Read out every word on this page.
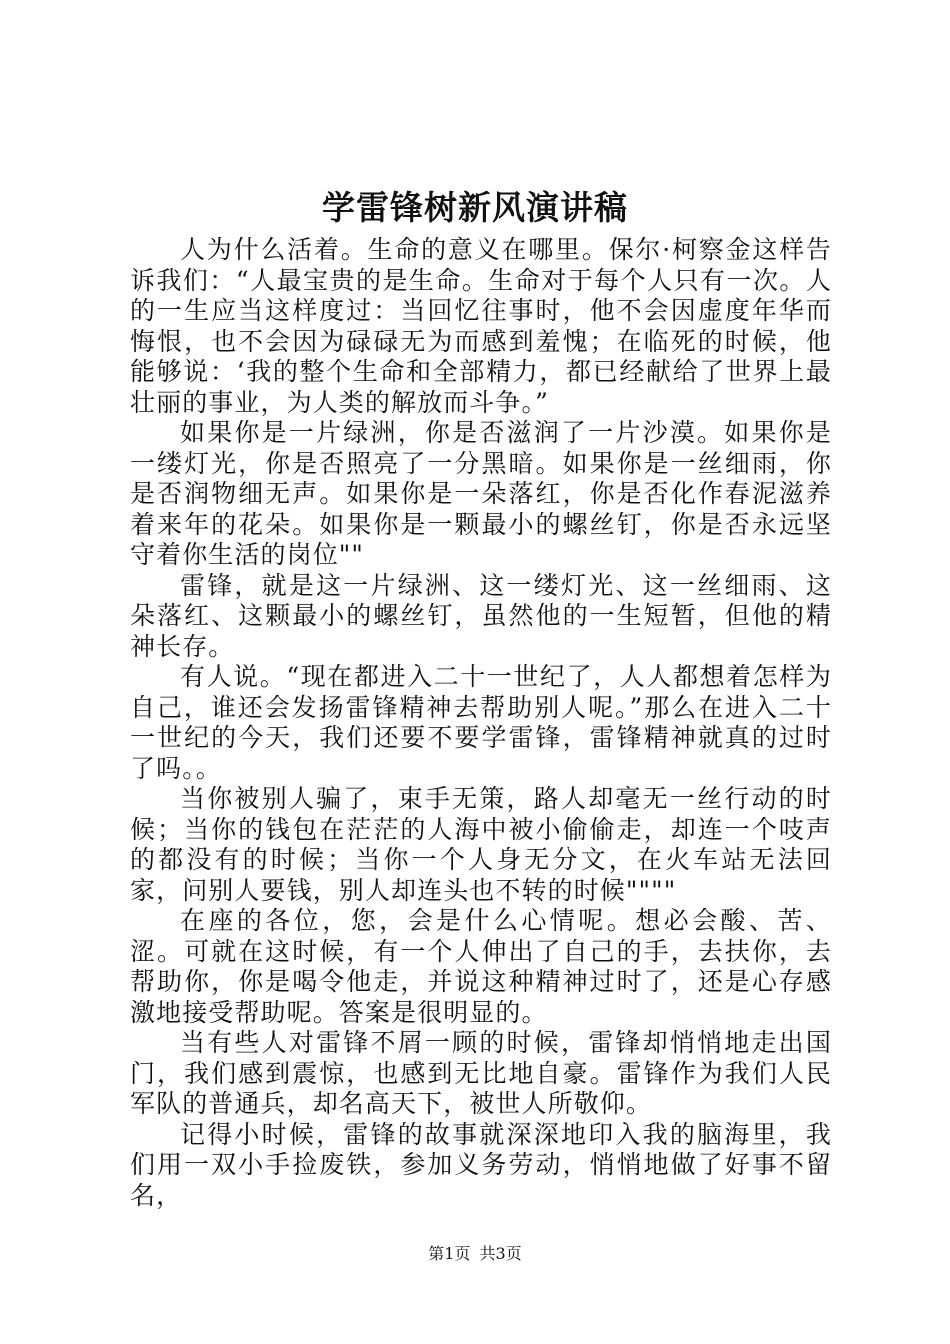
学雷锋树新风演讲稿

人为什么活着。生命的意义在哪里。保尔·柯察金这样告诉我们：“人最宝贵的是生命。生命对于每个人只有一次。人的一生应当这样度过：当回忆往事时，他不会因虚度年华而悔恨，也不会因为碌碌无为而感到羞愧；在临死的时候，他能够说：‘我的整个生命和全部精力，都已经献给了世界上最壮丽的事业，为人类的解放而斗争。”

如果你是一片绿洲，你是否滋润了一片沙漠。如果你是一缕灯光，你是否照亮了一分黑暗。如果你是一丝细雨，你是否润物细无声。如果你是一朵落红，你是否化作春泥滋养着来年的花朵。如果你是一颗最小的螺丝钉，你是否永远坚守着你生活的岗位""

雷锋，就是这一片绿洲、这一缕灯光、这一丝细雨、这朵落红、这颗最小的螺丝钉，虽然他的一生短暂，但他的精神长存。

有人说。“现在都进入二十一世纪了，人人都想着怎样为自己，谁还会发扬雷锋精神去帮助别人呢。”那么在进入二十一世纪的今天，我们还要不要学雷锋，雷锋精神就真的过时了吗。。

当你被别人骗了，束手无策，路人却毫无一丝行动的时候；当你的钱包在茫茫的人海中被小偷偷走，却连一个吱声的都没有的时候；当你一个人身无分文，在火车站无法回家，问别人要钱，别人却连头也不转的时候""""

在座的各位，您，会是什么心情呢。想必会酸、苦、涩。可就在这时候，有一个人伸出了自己的手，去扶你，去帮助你，你是喝令他走，并说这种精神过时了，还是心存感激地接受帮助呢。答案是很明显的。

当有些人对雷锋不屑一顾的时候，雷锋却悄悄地走出国门，我们感到震惊，也感到无比地自豪。雷锋作为我们人民军队的普通兵，却名高天下，被世人所敬仰。

记得小时候，雷锋的故事就深深地印入我的脑海里，我们用一双小手捡废铁，参加义务劳动，悄悄地做了好事不留名，

第1页 共3页
